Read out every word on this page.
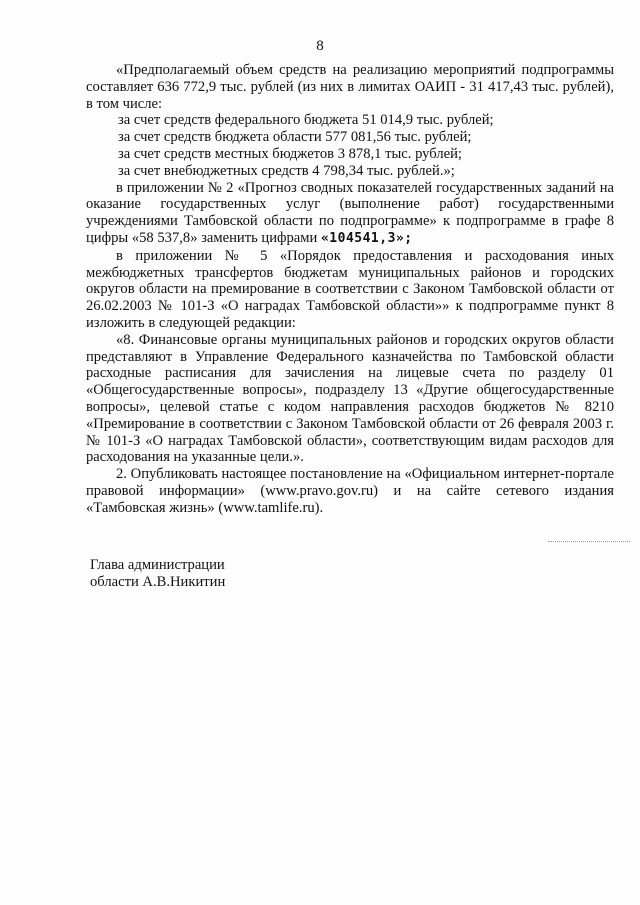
8

«Предполагаемый объем средств на реализацию мероприятий подпрограммы составляет 636 772,9 тыс. рублей (из них в лимитах ОАИП - 31 417,43 тыс. рублей), в том числе:

за счет средств федерального бюджета 51 014,9 тыс. рублей;

за счет средств бюджета области 577 081,56 тыс. рублей;

за счет средств местных бюджетов 3 878,1 тыс. рублей;

за счет внебюджетных средств 4 798,34 тыс. рублей.»;

в приложении № 2 «Прогноз сводных показателей государственных заданий на оказание государственных услуг (выполнение работ) государственными учреждениями Тамбовской области по подпрограмме» к подпрограмме в графе 8 цифры «58 537,8» заменить цифрами «104541,3»;

в приложении № 5 «Порядок предоставления и расходования иных межбюджетных трансфертов бюджетам муниципальных районов и городских округов области на премирование в соответствии с Законом Тамбовской области от 26.02.2003 № 101-З «О наградах Тамбовской области»» к подпрограмме пункт 8 изложить в следующей редакции:

«8. Финансовые органы муниципальных районов и городских округов области представляют в Управление Федерального казначейства по Тамбовской области расходные расписания для зачисления на лицевые счета по разделу 01 «Общегосударственные вопросы», подразделу 13 «Другие общегосударственные вопросы», целевой статье с кодом направления расходов бюджетов № 8210 «Премирование в соответствии с Законом Тамбовской области от 26 февраля 2003 г. № 101-З «О наградах Тамбовской области», соответствующим видам расходов для расходования на указанные цели.».

2. Опубликовать настоящее постановление на «Официальном интернет-портале правовой информации» (www.pravo.gov.ru) и на сайте сетевого издания «Тамбовская жизнь» (www.tamlife.ru).

Глава администрации
области А.В.Никитин
